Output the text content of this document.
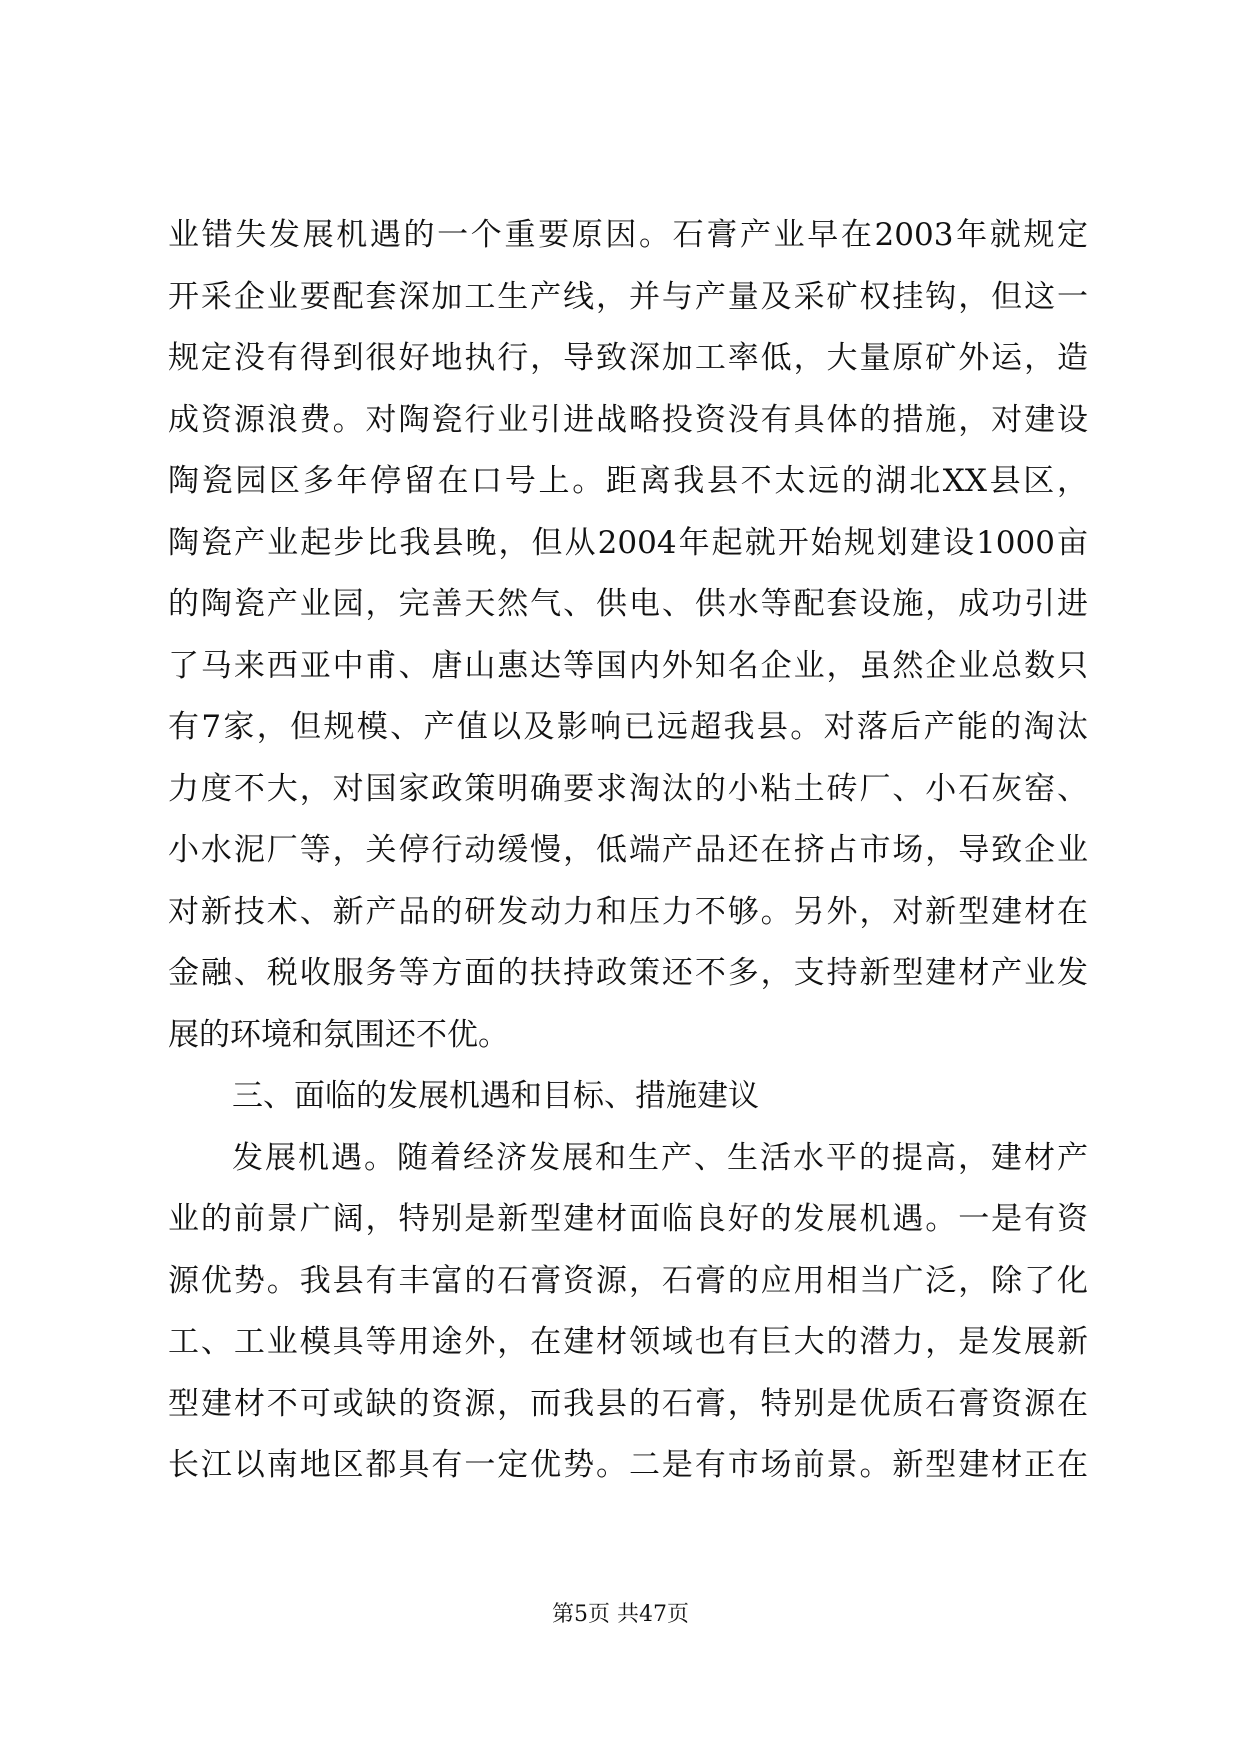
业错失发展机遇的一个重要原因。石膏产业早在2003年就规定
开采企业要配套深加工生产线，并与产量及采矿权挂钩，但这一
规定没有得到很好地执行，导致深加工率低，大量原矿外运，造
成资源浪费。对陶瓷行业引进战略投资没有具体的措施，对建设
陶瓷园区多年停留在口号上。距离我县不太远的湖北XX县区，
陶瓷产业起步比我县晚，但从2004年起就开始规划建设1000亩
的陶瓷产业园，完善天然气、供电、供水等配套设施，成功引进
了马来西亚中甫、唐山惠达等国内外知名企业，虽然企业总数只
有7家，但规模、产值以及影响已远超我县。对落后产能的淘汰
力度不大，对国家政策明确要求淘汰的小粘土砖厂、小石灰窑、
小水泥厂等，关停行动缓慢，低端产品还在挤占市场，导致企业
对新技术、新产品的研发动力和压力不够。另外，对新型建材在
金融、税收服务等方面的扶持政策还不多，支持新型建材产业发
展的环境和氛围还不优。
三、面临的发展机遇和目标、措施建议
发展机遇。随着经济发展和生产、生活水平的提高，建材产
业的前景广阔，特别是新型建材面临良好的发展机遇。一是有资
源优势。我县有丰富的石膏资源，石膏的应用相当广泛，除了化
工、工业模具等用途外，在建材领域也有巨大的潜力，是发展新
型建材不可或缺的资源，而我县的石膏，特别是优质石膏资源在
长江以南地区都具有一定优势。二是有市场前景。新型建材正在
第5页 共47页
